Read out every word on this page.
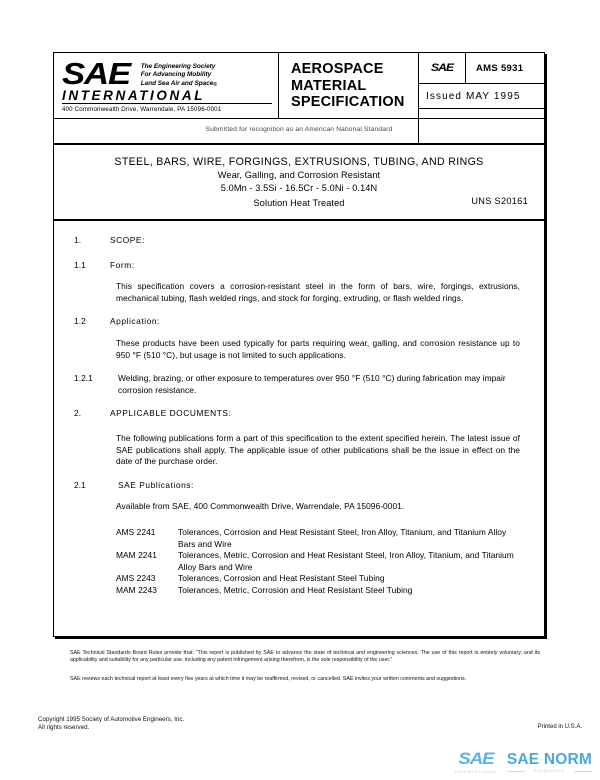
SAE The Engineering Society
For Advancing Mobility
Land Sea Air and Space®
INTERNATIONAL
400 Commonwealth Drive, Warrendale, PA 15096-0001
AEROSPACE
MATERIAL
SPECIFICATION
SAE	AMS 5931
Issued MAY 1995
Submitted for recognition as an American National Standard
STEEL, BARS, WIRE, FORGINGS, EXTRUSIONS, TUBING, AND RINGS
Wear, Galling, and Corrosion Resistant
5.0Mn - 3.5Si - 16.5Cr - 5.0Ni - 0.14N
Solution Heat Treated	UNS S20161
1.	SCOPE:
1.1	Form:

This specification covers a corrosion-resistant steel in the form of bars, wire, forgings, extrusions, mechanical tubing, flash welded rings, and stock for forging, extruding, or flash welded rings.

1.2	Application:

These products have been used typically for parts requiring wear, galling, and corrosion resistance up to 950 °F (510 °C), but usage is not limited to such applications.

1.2.1	Welding, brazing, or other exposure to temperatures over 950 °F (510 °C) during fabrication may impair corrosion resistance.
2.	APPLICABLE DOCUMENTS:

The following publications form a part of this specification to the extent specified herein. The latest issue of SAE publications shall apply. The applicable issue of other publications shall be the issue in effect on the date of the purchase order.

2.1	SAE Publications:

Available from SAE, 400 Commonwealth Drive, Warrendale, PA 15096-0001.

AMS 2241	Tolerances, Corrosion and Heat Resistant Steel, Iron Alloy, Titanium, and Titanium Alloy Bars and Wire
MAM 2241	Tolerances, Metric, Corrosion and Heat Resistant Steel, Iron Alloy, Titanium, and Titanium Alloy Bars and Wire
AMS 2243	Tolerances, Corrosion and Heat Resistant Steel Tubing
MAM 2243	Tolerances, Metric, Corrosion and Heat Resistant Steel Tubing
SAE Technical Standards Board Rules provide that: “This report is published by SAE to advance the state of technical and engineering sciences. The use of this report is entirely voluntary, and its applicability and suitability for any particular use, including any patent infringement arising therefrom, is the sole responsibility of the user.”
SAE reviews each technical report at least every five years at which time it may be reaffirmed, revised, or cancelled. SAE invites your written comments and suggestions.
Copyright 1995 Society of Automotive Engineers, Inc.
All rights reserved.	Printed in U.S.A.
SAE
INTERNATIONAL
SAE NORM
STANDARDS
